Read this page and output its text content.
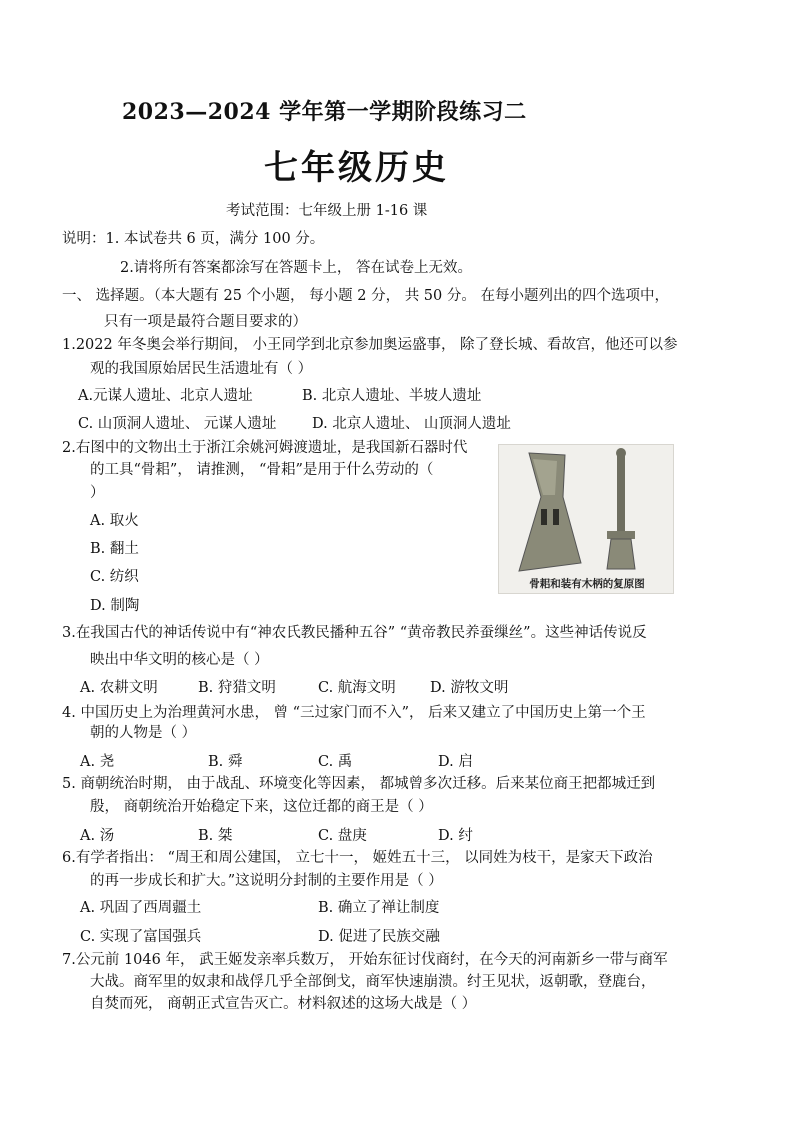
2023—2024 学年第一学期阶段练习二
七年级历史
考试范围：七年级上册 1-16 课
说明：1. 本试卷共 6 页，满分 100 分。
2.请将所有答案都涂写在答题卡上， 答在试卷上无效。
一、 选择题。（本大题有 25 个小题， 每小题 2 分， 共 50 分。 在每小题列出的四个选项中，
只有一项是最符合题目要求的）
1.2022 年冬奥会举行期间， 小王同学到北京参加奥运盛事， 除了登长城、看故宫，他还可以参
观的我国原始居民生活遗址有（ ）
A.元谋人遗址、北京人遗址	B. 北京人遗址、半坡人遗址
C. 山顶洞人遗址、 元谋人遗址 D. 北京人遗址、 山顶洞人遗址
2.右图中的文物出土于浙江余姚河姆渡遗址，是我国新石器时代
的工具“骨耜”， 请推测， “骨耜”是用于什么劳动的（
）
A. 取火
B. 翻土
C. 纺织
D. 制陶
骨耜和装有木柄的复原图
3.在我国古代的神话传说中有“神农氏教民播种五谷” “黄帝教民养蚕缫丝”。这些神话传说反
映出中华文明的核心是（ ）
A. 农耕文明	B. 狩猎文明	C. 航海文明 D. 游牧文明
4. 中国历史上为治理黄河水患， 曾 “三过家门而不入”， 后来又建立了中国历史上第一个王
朝的人物是（ ）
A. 尧	B. 舜	C. 禹	D. 启
5. 商朝统治时期， 由于战乱、环境变化等因素， 都城曾多次迁移。后来某位商王把都城迁到
殷， 商朝统治开始稳定下来，这位迁都的商王是（ ）
A. 汤	B. 桀	C. 盘庚	D. 纣
6.有学者指出： “周王和周公建国， 立七十一， 姬姓五十三， 以同姓为枝干，是家天下政治
的再一步成长和扩大。”这说明分封制的主要作用是（ ）
A. 巩固了西周疆土	B. 确立了禅让制度
C. 实现了富国强兵	D. 促进了民族交融
7.公元前 1046 年， 武王姬发亲率兵数万， 开始东征讨伐商纣，在今天的河南新乡一带与商军
大战。商军里的奴隶和战俘几乎全部倒戈，商军快速崩溃。纣王见状，返朝歌，登鹿台，
自焚而死， 商朝正式宣告灭亡。材料叙述的这场大战是（ ）
